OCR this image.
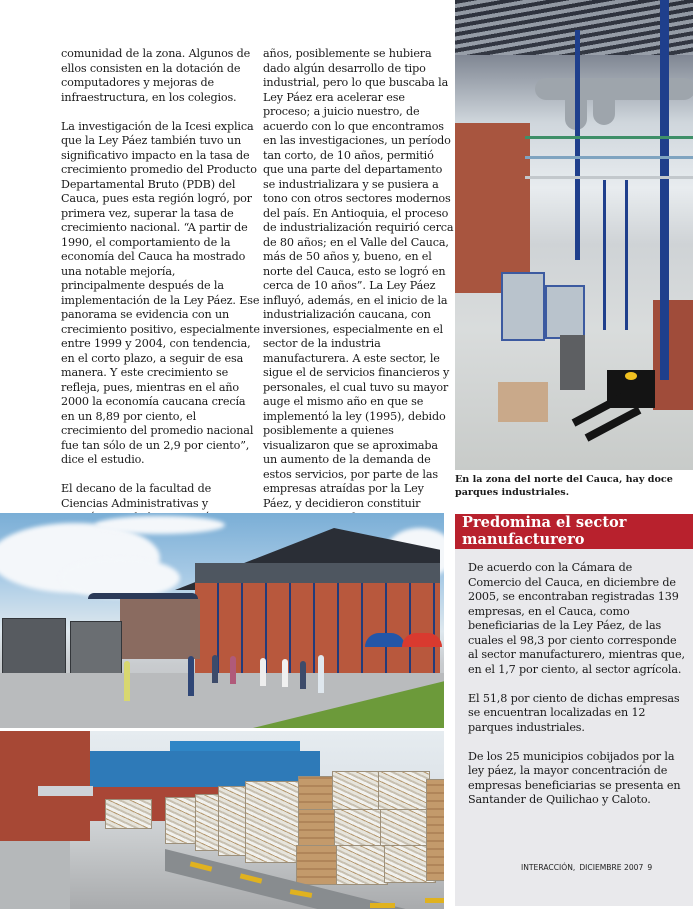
comunidad de la zona. Algunos de ellos consisten en la dotación de computadores y mejoras de infraestructura, en los colegios.

La investigación de la Icesi explica que la Ley Páez también tuvo un significativo impacto en la tasa de crecimiento promedio del Producto Departamental Bruto (PDB) del Cauca, pues esta región logró, por primera vez, superar la tasa de crecimiento nacional. “A partir de 1990, el comportamiento de la economía del Cauca ha mostrado una notable mejoría, principalmente después de la implementación de la Ley Páez. Ese panorama se evidencia con un crecimiento positivo, especialmente entre 1999 y 2004, con tendencia, en el corto plazo, a seguir de esa manera. Y este crecimiento se refleja, pues, mientras en el año 2000 la economía caucana crecía en un 8,89 por ciento, el crecimiento del promedio nacional fue tan sólo de un 2,9 por ciento”, dice el estudio.

El decano de la facultad de Ciencias Administrativas y

años, posiblemente se hubiera dado algún desarrollo de tipo industrial, pero lo que buscaba la Ley Páez era acelerar ese proceso; a juicio nuestro, de acuerdo con lo que encontramos en las investigaciones, un período tan corto, de 10 años, permitió que una parte del departamento se industrializara y se pusiera a tono con otros sectores modernos del país. En Antioquia, el proceso de industrialización requirió cerca de 80 años; en el Valle del Cauca, más de 50 años y, bueno, en el norte del Cauca, esto se logró en cerca de 10 años”. La Ley Páez influyó, además, en el inicio de la industrialización caucana, con inversiones, especialmente en el sector de la industria manufacturera. A este sector, le sigue el de servicios financieros y personales, el cual tuvo su mayor auge el mismo año en que se implementó la ley (1995), debido posiblemente a quienes visualizaron que se aproximaba un aumento de la demanda de estos servicios, por parte de las empresas atraídas por la Ley Páez, y decidieron constituir

En la zona del norte del Cauca, hay doce parques industriales.
Predomina el sector manufacturero

De acuerdo con la Cámara de Comercio del Cauca, en diciembre de 2005, se encontraban registradas 139 empresas, en el Cauca, como beneficiarias de la Ley Páez, de las cuales el 98,3 por ciento corresponde al sector manufacturero, mientras que, en el 1,7 por ciento, al sector agrícola.

El 51,8 por ciento de dichas empresas se encuentran localizadas en 12 parques industriales.

De los 25 municipios cobijados por la ley páez, la mayor concentración de empresas beneficiarias se presenta en Santander de Quilichao y Caloto.

INTERACCIÓN, DICIEMBRE 2007 9
